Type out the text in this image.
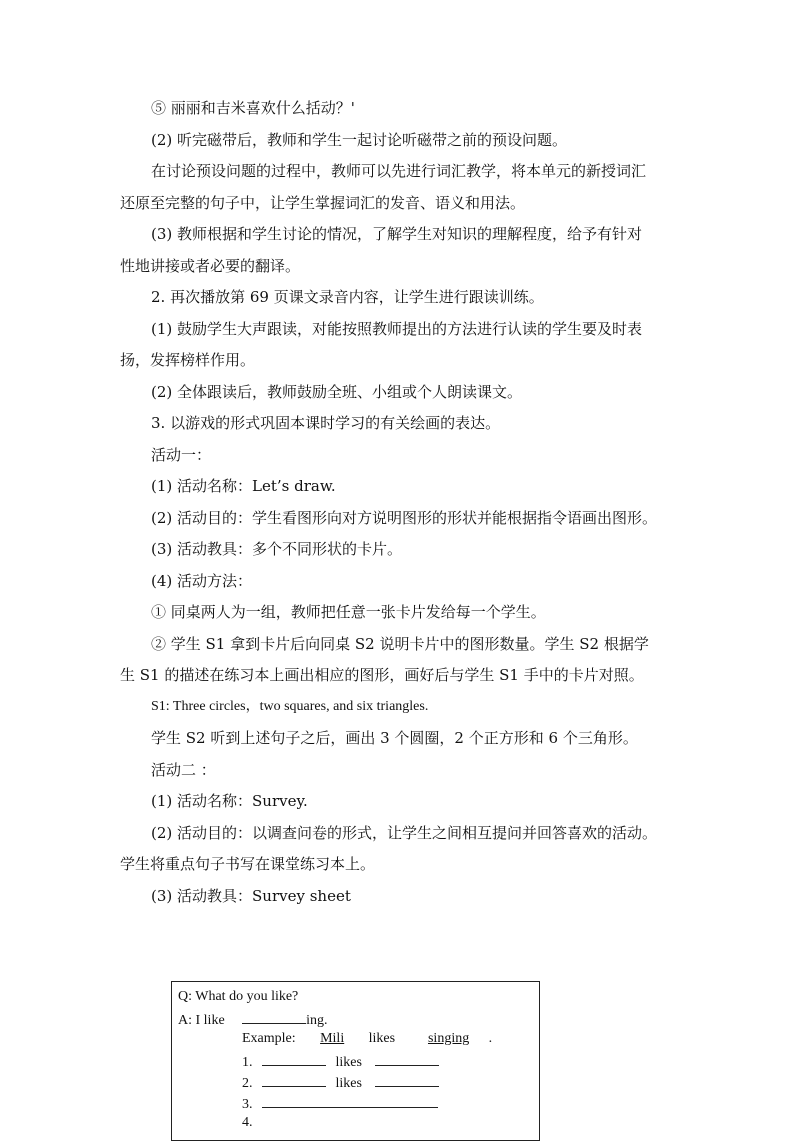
⑤ 丽丽和吉米喜欢什么括动？'
(2) 听完磁带后，教师和学生一起讨论听磁带之前的预设问题。
在讨论预设问题的过程中，教师可以先进行词汇教学，将本单元的新授词汇
还原至完整的句子中，让学生掌握词汇的发音、语义和用法。
(3) 教师根据和学生讨论的情况，了解学生对知识的理解程度，给予有针对
性地讲接或者必要的翻译。
2. 再次播放第 69 页课文录音内容，让学生进行跟读训练。
(1) 鼓励学生大声跟读，对能按照教师提出的方法进行认读的学生要及时表
扬，发挥榜样作用。
(2) 全体跟读后，教师鼓励全班、小组或个人朗读课文。
3. 以游戏的形式巩固本课时学习的有关绘画的表达。
活动一：
(1) 活动名称：Let’s draw.
(2) 活动目的：学生看图形向对方说明图形的形状并能根据指令语画出图形。
(3) 活动教具：多个不同形状的卡片。
(4) 活动方法：
① 同桌两人为一组，教师把任意一张卡片发给每一个学生。
② 学生 S1 拿到卡片后向同桌 S2 说明卡片中的图形数量。学生 S2 根据学
生 S1 的描述在练习本上画出相应的图形，画好后与学生 S1 手中的卡片对照。
S1: Three circles，two squares, and six triangles.
学生 S2 听到上述句子之后，画出 3 个圆圈，2 个正方形和 6 个三角形。
活动二 ：
(1) 活动名称：Survey.
(2) 活动目的：以调查问卷的形式，让学生之间相互提问并回答喜欢的活动。
学生将重点句子书写在课堂练习本上。
(3) 活动教具：Survey sheet
Q: What do you like?
A: I like	ing.
Example: Mili likes singing .
1.	likes
2.	likes
3.
4.
